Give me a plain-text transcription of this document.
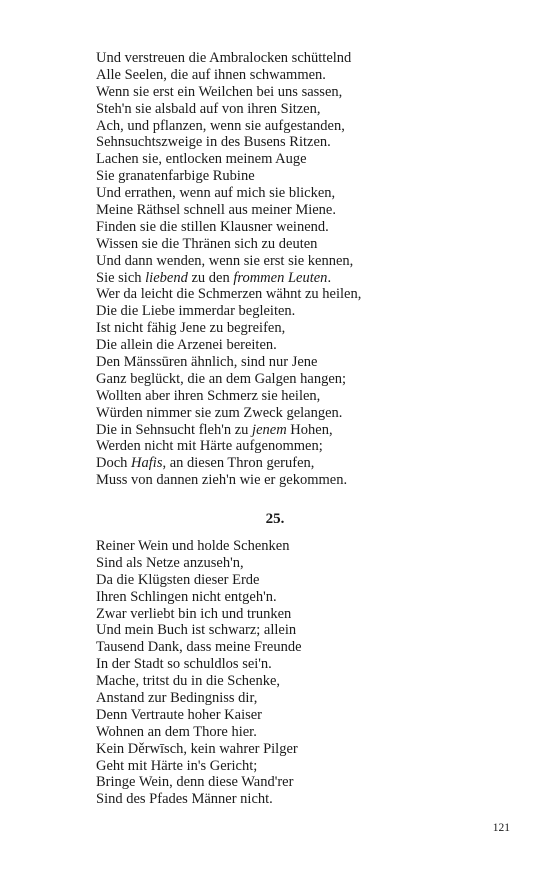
Und verstreuen die Ambralocken schüttelnd
Alle Seelen, die auf ihnen schwammen.
Wenn sie erst ein Weilchen bei uns sassen,
Steh'n sie alsbald auf von ihren Sitzen,
Ach, und pflanzen, wenn sie aufgestanden,
Sehnsuchtszweige in des Busens Ritzen.
Lachen sie, entlocken meinem Auge
Sie granatenfarbige Rubine
Und errathen, wenn auf mich sie blicken,
Meine Räthsel schnell aus meiner Miene.
Finden sie die stillen Klausner weinend.
Wissen sie die Thränen sich zu deuten
Und dann wenden, wenn sie erst sie kennen,
Sie sich liebend zu den frommen Leuten.
Wer da leicht die Schmerzen wähnt zu heilen,
Die die Liebe immerdar begleiten.
Ist nicht fähig Jene zu begreifen,
Die allein die Arzenei bereiten.
Den Mänssūren ähnlich, sind nur Jene
Ganz beglückt, die an dem Galgen hangen;
Wollten aber ihren Schmerz sie heilen,
Würden nimmer sie zum Zweck gelangen.
Die in Sehnsucht fleh'n zu jenem Hohen,
Werden nicht mit Härte aufgenommen;
Doch Hafis, an diesen Thron gerufen,
Muss von dannen zieh'n wie er gekommen.
25.
Reiner Wein und holde Schenken
Sind als Netze anzuseh'n,
Da die Klügsten dieser Erde
Ihren Schlingen nicht entgeh'n.
Zwar verliebt bin ich und trunken
Und mein Buch ist schwarz; allein
Tausend Dank, dass meine Freunde
In der Stadt so schuldlos sei'n.
Mache, tritst du in die Schenke,
Anstand zur Bedingniss dir,
Denn Vertraute hoher Kaiser
Wohnen an dem Thore hier.
Kein Děrwīsch, kein wahrer Pilger
Geht mit Härte in's Gericht;
Bringe Wein, denn diese Wand'rer
Sind des Pfades Männer nicht.
121
